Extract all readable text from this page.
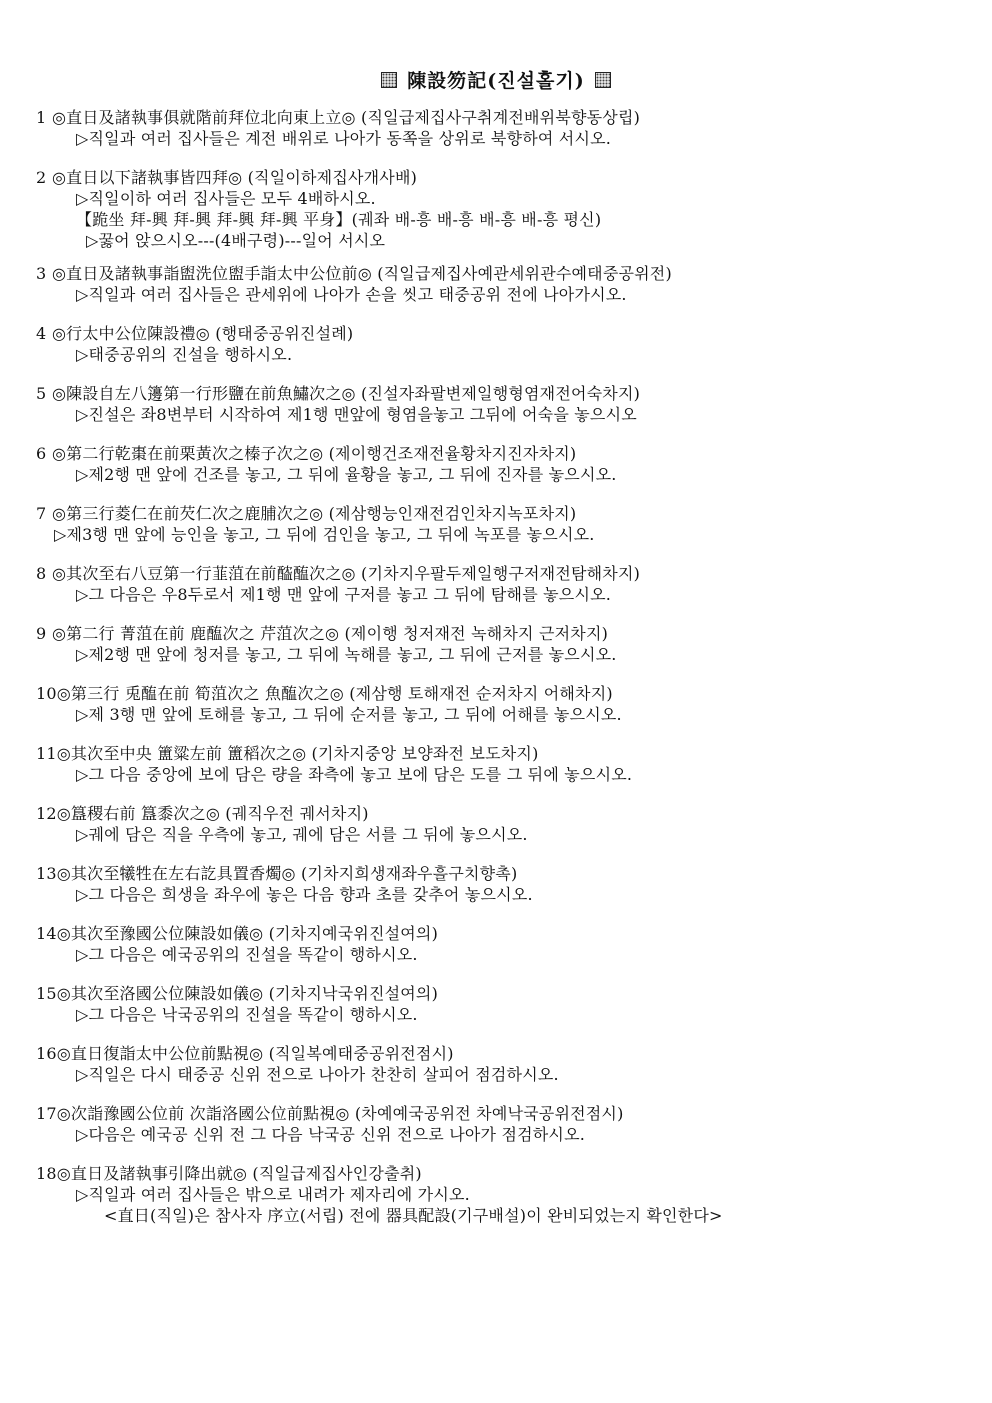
陳設笏記(진설홀기)
1 ◎直日及諸執事俱就階前拜位北向東上立◎ (직일급제집사구취계전배위북향동상립)
▷직일과 여러 집사들은 계전 배위로 나아가 동쪽을 상위로 북향하여 서시오.
2 ◎直日以下諸執事皆四拜◎ (직일이하제집사개사배)
▷직일이하 여러 집사들은 모두 4배하시오.
【跪坐 拜-興 拜-興 拜-興 拜-興 平身】(궤좌 배-흥 배-흥 배-흥 배-흥 평신)
▷꿇어 앉으시오---(4배구령)---일어 서시오
3 ◎直日及諸執事詣盥洗位盥手詣太中公位前◎ (직일급제집사예관세위관수예태중공위전)
▷직일과 여러 집사들은 관세위에 나아가 손을 씻고 태중공위 전에 나아가시오.
4 ◎行太中公位陳設禮◎ (행태중공위진설례)
▷태중공위의 진설을 행하시오.
5 ◎陳設自左八籩第一行形鹽在前魚鱐次之◎ (진설자좌팔변제일행형염재전어숙차지)
▷진설은 좌8변부터 시작하여 제1행 맨앞에 형염을놓고 그뒤에 어숙을 놓으시오
6 ◎第二行乾棗在前栗黃次之榛子次之◎ (제이행건조재전율황차지진자차지)
▷제2행 맨 앞에 건조를 놓고, 그 뒤에 율황을 놓고, 그 뒤에 진자를 놓으시오.
7 ◎第三行菱仁在前芡仁次之鹿脯次之◎ (제삼행능인재전검인차지녹포차지)
▷제3행 맨 앞에 능인을 놓고, 그 뒤에 검인을 놓고, 그 뒤에 녹포를 놓으시오.
8 ◎其次至右八豆第一行韮菹在前醓醢次之◎ (기차지우팔두제일행구저재전탐해차지)
▷그 다음은 우8두로서 제1행 맨 앞에 구저를 놓고 그 뒤에 탐해를 놓으시오.
9 ◎第二行 菁菹在前 鹿醢次之 芹菹次之◎ (제이행 청저재전 녹해차지 근저차지)
▷제2행 맨 앞에 청저를 놓고, 그 뒤에 녹해를 놓고, 그 뒤에 근저를 놓으시오.
10◎第三行 兎醢在前 筍菹次之 魚醢次之◎ (제삼행 토해재전 순저차지 어해차지)
▷제 3행 맨 앞에 토해를 놓고, 그 뒤에 순저를 놓고, 그 뒤에 어해를 놓으시오.
11◎其次至中央 簠粱左前 簠稻次之◎ (기차지중앙 보양좌전 보도차지)
▷그 다음 중앙에 보에 담은 량을 좌측에 놓고 보에 담은 도를 그 뒤에 놓으시오.
12◎簋稷右前 簋黍次之◎ (궤직우전 궤서차지)
▷궤에 담은 직을 우측에 놓고, 궤에 담은 서를 그 뒤에 놓으시오.
13◎其次至犧牲在左右訖具置香燭◎ (기차지희생재좌우흘구치향촉)
▷그 다음은 희생을 좌우에 놓은 다음 향과 초를 갖추어 놓으시오.
14◎其次至豫國公位陳設如儀◎ (기차지예국위진설여의)
▷그 다음은 예국공위의 진설을 똑같이 행하시오.
15◎其次至洛國公位陳設如儀◎ (기차지낙국위진설여의)
▷그 다음은 낙국공위의 진설을 똑같이 행하시오.
16◎直日復詣太中公位前點視◎ (직일복예태중공위전점시)
▷직일은 다시 태중공 신위 전으로 나아가 찬찬히 살피어 점검하시오.
17◎次詣豫國公位前 次詣洛國公位前點視◎ (차예예국공위전 차예낙국공위전점시)
▷다음은 예국공 신위 전 그 다음 낙국공 신위 전으로 나아가 점검하시오.
18◎直日及諸執事引降出就◎ (직일급제집사인강출취)
▷직일과 여러 집사들은 밖으로 내려가 제자리에 가시오.
<直日(직일)은 참사자 序立(서립) 전에 器具配設(기구배설)이 완비되었는지 확인한다>
